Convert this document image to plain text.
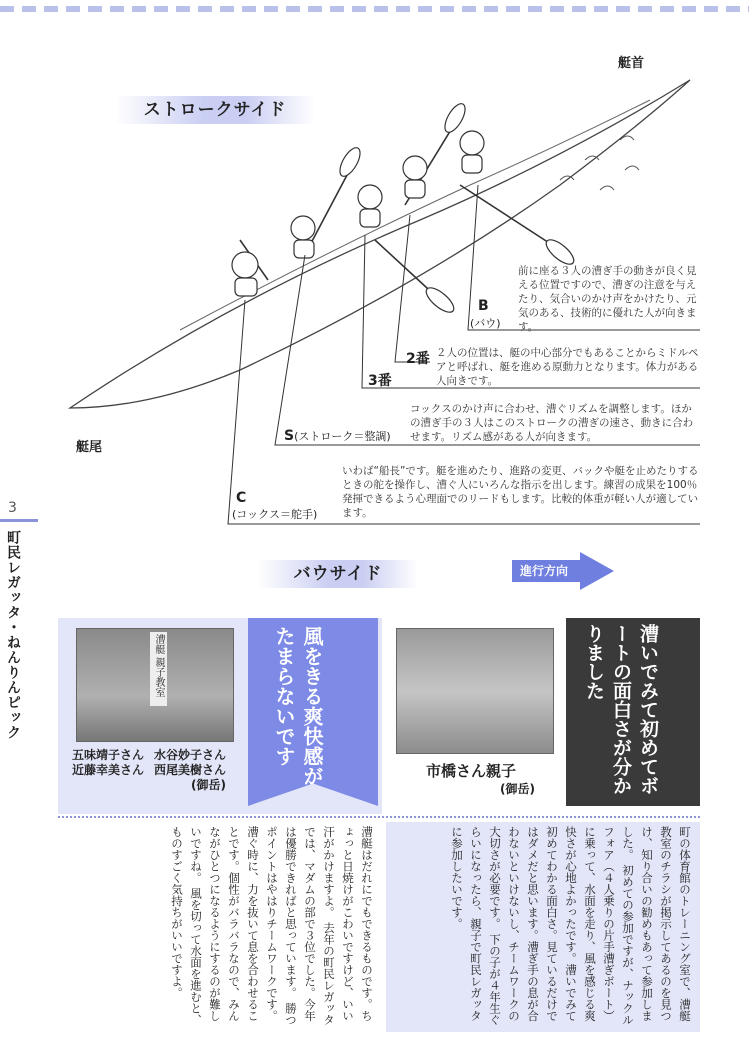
3
町民レガッタ・ねんりんピック
ストロークサイド
艇首
艇尾
B
(バウ)
前に座る３人の漕ぎ手の動きが良く見える位置ですので、漕ぎの注意を与えたり、気合いのかけ声をかけたり、元気のある、技術的に優れた人が向きます。
2番 ２人の位置は、艇の中心部分でもあることからミドルペアと呼ばれ、艇を進める原動力となります。体力がある人向きです。
3番
コックスのかけ声に合わせ、漕ぐリズムを調整します。ほかの漕ぎ手の３人はこのストロークの漕ぎの速さ、動きに合わせます。リズム感がある人が向きます。
S(ストローク＝整調)
いわば“船長”です。艇を進めたり、進路の変更、バックや艇を止めたりするときの舵を操作し、漕ぐ人にいろんな指示を出します。練習の成果を100％発揮できるよう心理面でのリードもします。比較的体重が軽い人が適しています。
C
(コックス＝舵手)
バウサイド	進行方向
漕艇 親子教室
五味靖子さん
近藤幸美さん
水谷妙子さん
西尾美樹さん
(御岳)	風をきる爽快感がたまらないです
市橋さん親子
(御岳)	漕いでみて初めてボートの面白さが分かりました
漕艇はだれにでもできるものです。ちょっと日焼けがこわいですけど、いい汗がかけますよ。 去年の町民レガッタでは、マダムの部で３位でした。今年は優勝できればと思っています。 勝つポイントはやはりチームワークです。漕ぐ時に、力を抜いて息を合わせることです。個性がバラバラなので、みんながひとつになるようにするのが難しいですね。 風を切って水面を進むと、ものすごく気持ちがいいですよ。	町の体育館のトレーニング室で、漕艇教室のチラシが掲示してあるのを見つけ、知り合いの勧めもあって参加しました。 初めての参加ですが、ナックルフォア（４人乗りの片手漕ぎボート）に乗って、水面を走り、風を感じる爽快さが心地よかったです。漕いでみて初めてわかる面白さ。見ているだけではダメだと思います。漕ぎ手の息が合わないといけないし、チームワークの大切さが必要です。 下の子が４年生ぐらいになったら、親子で町民レガッタに参加したいです。
